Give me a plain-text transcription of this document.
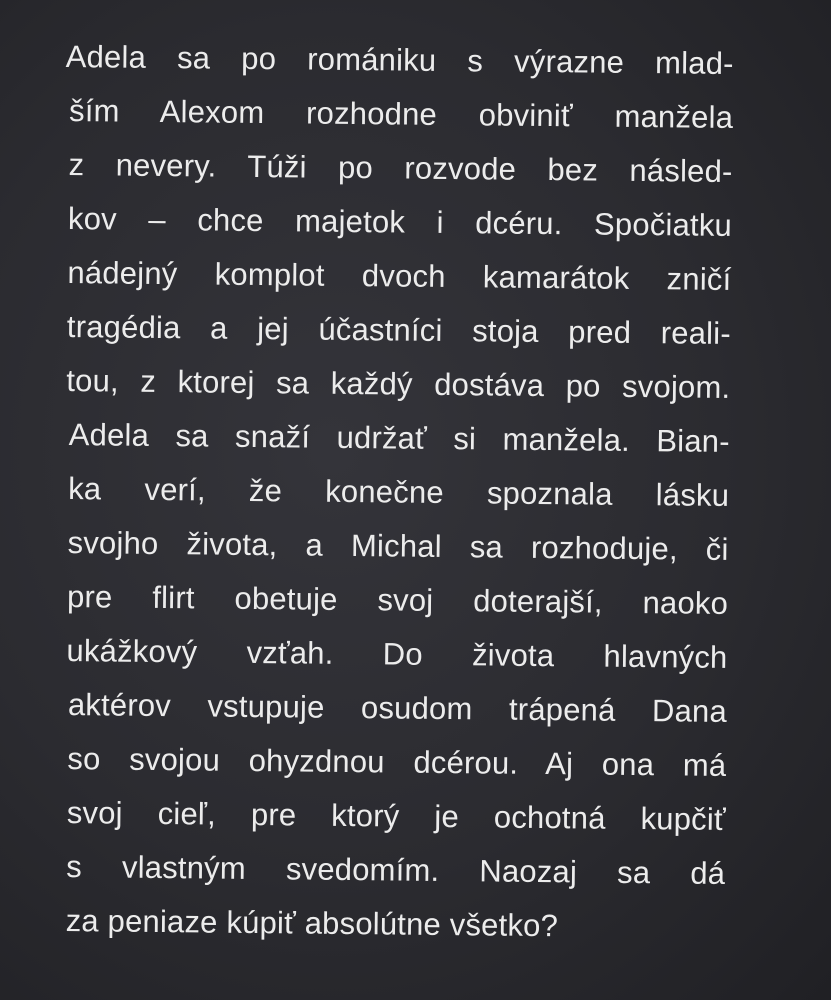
Adela sa po romániku s výrazne mlad-
ším Alexom rozhodne obviniť manžela
z nevery. Túži po rozvode bez násled-
kov – chce majetok i dcéru. Spočiatku
nádejný komplot dvoch kamarátok zničí
tragédia a jej účastníci stoja pred reali-
tou, z ktorej sa každý dostáva po svojom.
Adela sa snaží udržať si manžela. Bian-
ka verí, že konečne spoznala lásku
svojho života, a Michal sa rozhoduje, či
pre flirt obetuje svoj doterajší, naoko
ukážkový vzťah. Do života hlavných
aktérov vstupuje osudom trápená Dana
so svojou ohyzdnou dcérou. Aj ona má
svoj cieľ, pre ktorý je ochotná kupčiť
s vlastným svedomím. Naozaj sa dá
za peniaze kúpiť absolútne všetko?
